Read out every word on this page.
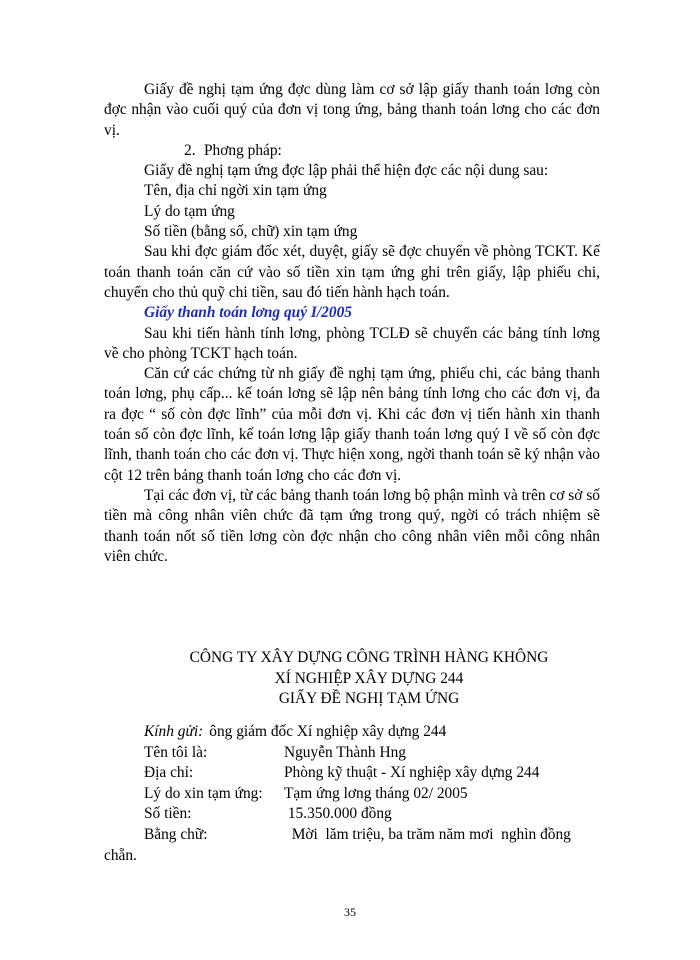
Giấy đề nghị tạm ứng đợc dùng làm cơ sở lập giấy thanh toán lơng còn đợc nhận vào cuối quý của đơn vị tong ứng, bảng thanh toán lơng cho các đơn vị.

2. Phơng pháp:

Giấy đề nghị tạm ứng đợc lập phải thể hiện đợc các nội dung sau:

Tên, địa chỉ ngời xin tạm ứng

Lý do tạm ứng

Số tiền (bằng số, chữ) xin tạm ứng

Sau khi đợc giám đốc xét, duyệt, giấy sẽ đợc chuyển về phòng TCKT. Kế toán thanh toán căn cứ vào số tiền xin tạm ứng ghi trên giấy, lập phiếu chi, chuyển cho thủ quỹ chi tiền, sau đó tiến hành hạch toán.

Giấy thanh toán lơng quý I/2005

Sau khi tiến hành tính lơng, phòng TCLĐ sẽ chuyển các bảng tính lơng về cho phòng TCKT hạch toán.

Căn cứ các chứng từ nh giấy đề nghị tạm ứng, phiếu chi, các bảng thanh toán lơng, phụ cấp... kế toán lơng sẽ lập nên bảng tính lơng cho các đơn vị, đa ra đợc “ số còn đợc lĩnh” của mỗi đơn vị. Khi các đơn vị tiến hành xin thanh toán số còn đợc lĩnh, kế toán lơng lập giấy thanh toán lơng quý I về số còn đợc lĩnh, thanh toán cho các đơn vị. Thực hiện xong, ngời thanh toán sẽ ký nhận vào cột 12 trên bảng thanh toán lơng cho các đơn vị.

Tại các đơn vị, từ các bảng thanh toán lơng bộ phận mình và trên cơ sở số tiền mà công nhân viên chức đã tạm ứng trong quý, ngời có trách nhiệm sẽ thanh toán nốt số tiền lơng còn đợc nhận cho công nhân viên mỗi công nhân viên chức.

CÔNG TY XÂY DỰNG CÔNG TRÌNH HÀNG KHÔNG
XÍ NGHIỆP XÂY DỰNG 244
GIẤY ĐỀ NGHỊ TẠM ỨNG
Kính gửi: ông giám đốc Xí nghiệp xây dựng 244
Tên tôi là:	Nguyễn Thành Hng
Địa chỉ:	Phòng kỹ thuật - Xí nghiệp xây dựng 244
Lý do xin tạm ứng:	Tạm ứng lơng tháng 02/ 2005
Số tiền:	15.350.000 đồng
Bằng chữ:	Mời  lăm triệu, ba trăm năm mơi  nghìn đồng

chẵn.

35
